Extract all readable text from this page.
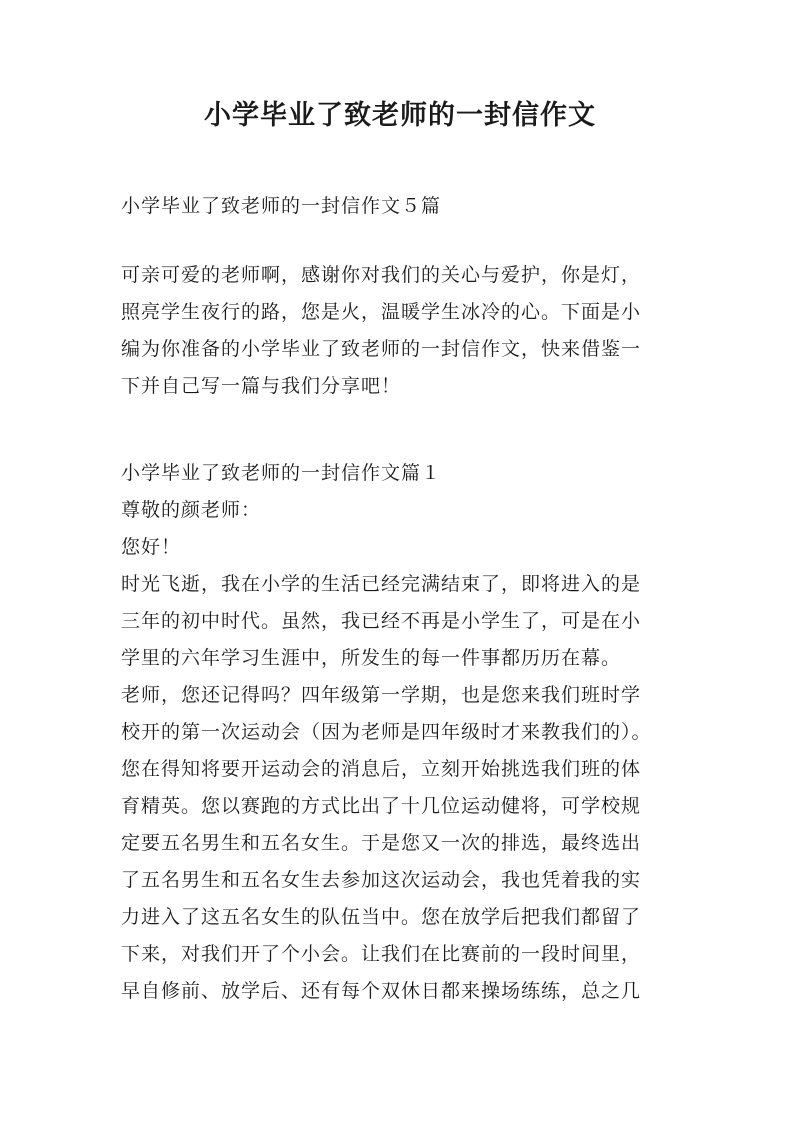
小学毕业了致老师的一封信作文
小学毕业了致老师的一封信作文５篇
可亲可爱的老师啊，感谢你对我们的关心与爱护，你是灯，
照亮学生夜行的路，您是火，温暖学生冰冷的心。下面是小
编为你准备的小学毕业了致老师的一封信作文，快来借鉴一
下并自己写一篇与我们分享吧！
小学毕业了致老师的一封信作文篇１
尊敬的颜老师：
您好！
时光飞逝，我在小学的生活已经完满结束了，即将进入的是
三年的初中时代。虽然，我已经不再是小学生了，可是在小
学里的六年学习生涯中，所发生的每一件事都历历在幕。
老师，您还记得吗？四年级第一学期，也是您来我们班时学
校开的第一次运动会（因为老师是四年级时才来教我们的）。
您在得知将要开运动会的消息后，立刻开始挑选我们班的体
育精英。您以赛跑的方式比出了十几位运动健将，可学校规
定要五名男生和五名女生。于是您又一次的排选，最终选出
了五名男生和五名女生去参加这次运动会，我也凭着我的实
力进入了这五名女生的队伍当中。您在放学后把我们都留了
下来，对我们开了个小会。让我们在比赛前的一段时间里，
早自修前、放学后、还有每个双休日都来操场练练，总之几
